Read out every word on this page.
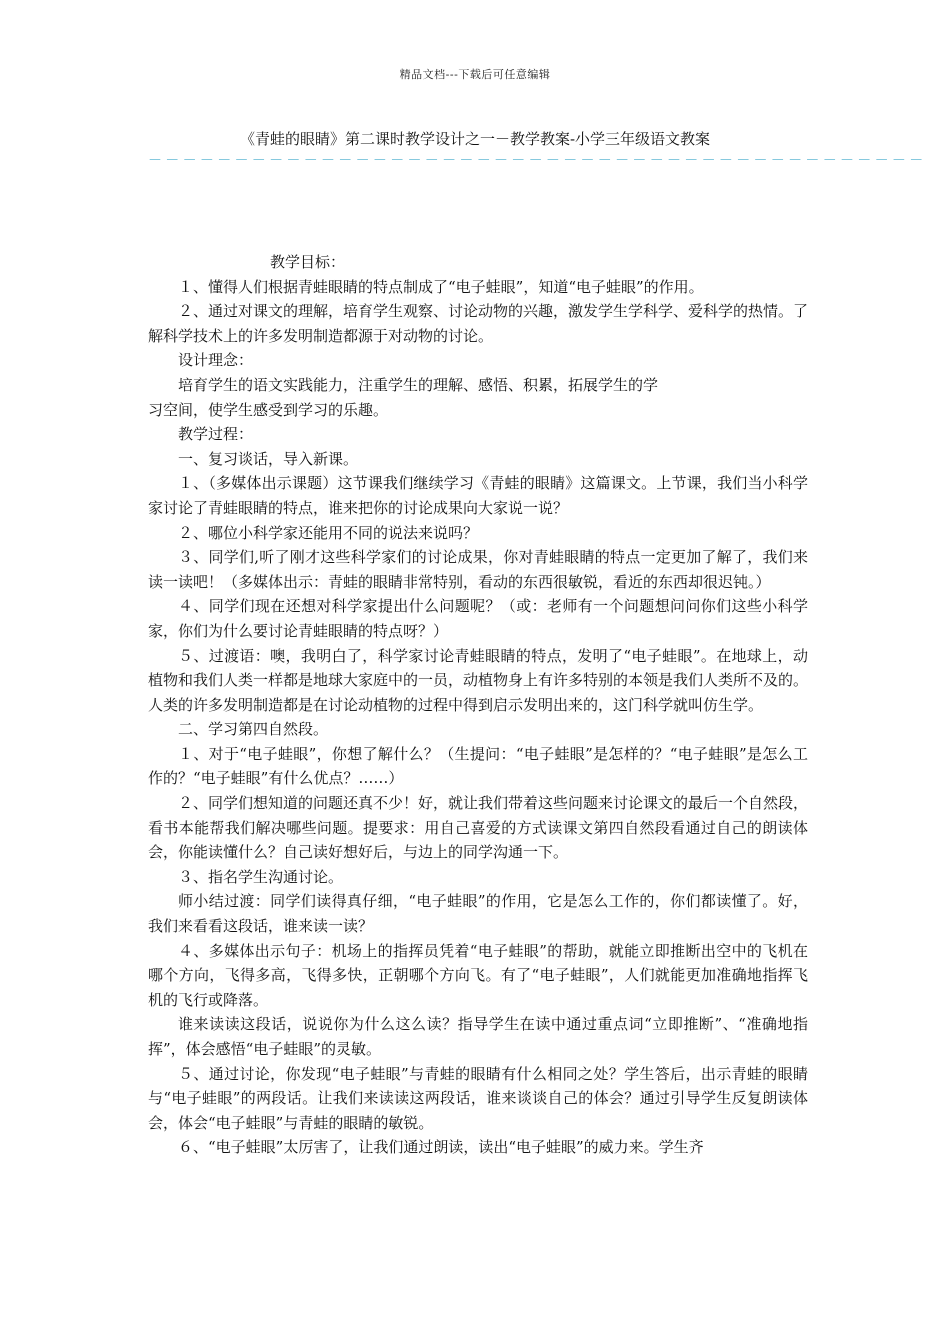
精品文档---下载后可任意编辑
《青蛙的眼睛》第二课时教学设计之一－教学教案-小学三年级语文教案
－－－－－－－－－－－－－－－－－－－－－－－－－－－－－－－－－－－－－－－－－－－－－

教学目标：

１、懂得人们根据青蛙眼睛的特点制成了“电子蛙眼”，知道“电子蛙眼”的作用。

２、通过对课文的理解，培育学生观察、讨论动物的兴趣，激发学生学科学、爱科学的热情。了解科学技术上的许多发明制造都源于对动物的讨论。

设计理念：

培育学生的语文实践能力，注重学生的理解、感悟、积累，拓展学生的学

习空间，使学生感受到学习的乐趣。

教学过程：

一、复习谈话，导入新课。

１、（多媒体出示课题）这节课我们继续学习《青蛙的眼睛》这篇课文。上节课，我们当小科学家讨论了青蛙眼睛的特点，谁来把你的讨论成果向大家说一说？

２、哪位小科学家还能用不同的说法来说吗？

３、同学们,听了刚才这些科学家们的讨论成果，你对青蛙眼睛的特点一定更加了解了，我们来读一读吧！（多媒体出示：青蛙的眼睛非常特别，看动的东西很敏锐，看近的东西却很迟钝。）

４、同学们现在还想对科学家提出什么问题呢？（或：老师有一个问题想问问你们这些小科学家，你们为什么要讨论青蛙眼睛的特点呀？）

５、过渡语：噢，我明白了，科学家讨论青蛙眼睛的特点，发明了“电子蛙眼”。在地球上，动植物和我们人类一样都是地球大家庭中的一员，动植物身上有许多特别的本领是我们人类所不及的。人类的许多发明制造都是在讨论动植物的过程中得到启示发明出来的，这门科学就叫仿生学。

二、学习第四自然段。

１、对于“电子蛙眼”，你想了解什么？（生提问：“电子蛙眼”是怎样的？“电子蛙眼”是怎么工作的？“电子蛙眼”有什么优点？……）

２、同学们想知道的问题还真不少！好，就让我们带着这些问题来讨论课文的最后一个自然段，看书本能帮我们解决哪些问题。提要求：用自己喜爱的方式读课文第四自然段看通过自己的朗读体会，你能读懂什么？自己读好想好后，与边上的同学沟通一下。

３、指名学生沟通讨论。

师小结过渡：同学们读得真仔细，“电子蛙眼”的作用，它是怎么工作的，你们都读懂了。好，我们来看看这段话，谁来读一读？

４、多媒体出示句子：机场上的指挥员凭着“电子蛙眼”的帮助，就能立即推断出空中的飞机在哪个方向，飞得多高，飞得多快，正朝哪个方向飞。有了“电子蛙眼”，人们就能更加准确地指挥飞机的飞行或降落。

谁来读读这段话，说说你为什么这么读？指导学生在读中通过重点词“立即推断”、“准确地指挥”，体会感悟“电子蛙眼”的灵敏。

５、通过讨论，你发现“电子蛙眼”与青蛙的眼睛有什么相同之处？学生答后，出示青蛙的眼睛与“电子蛙眼”的两段话。让我们来读读这两段话，谁来谈谈自己的体会？通过引导学生反复朗读体会，体会“电子蛙眼”与青蛙的眼睛的敏锐。

６、“电子蛙眼”太厉害了，让我们通过朗读，读出“电子蛙眼”的威力来。学生齐
